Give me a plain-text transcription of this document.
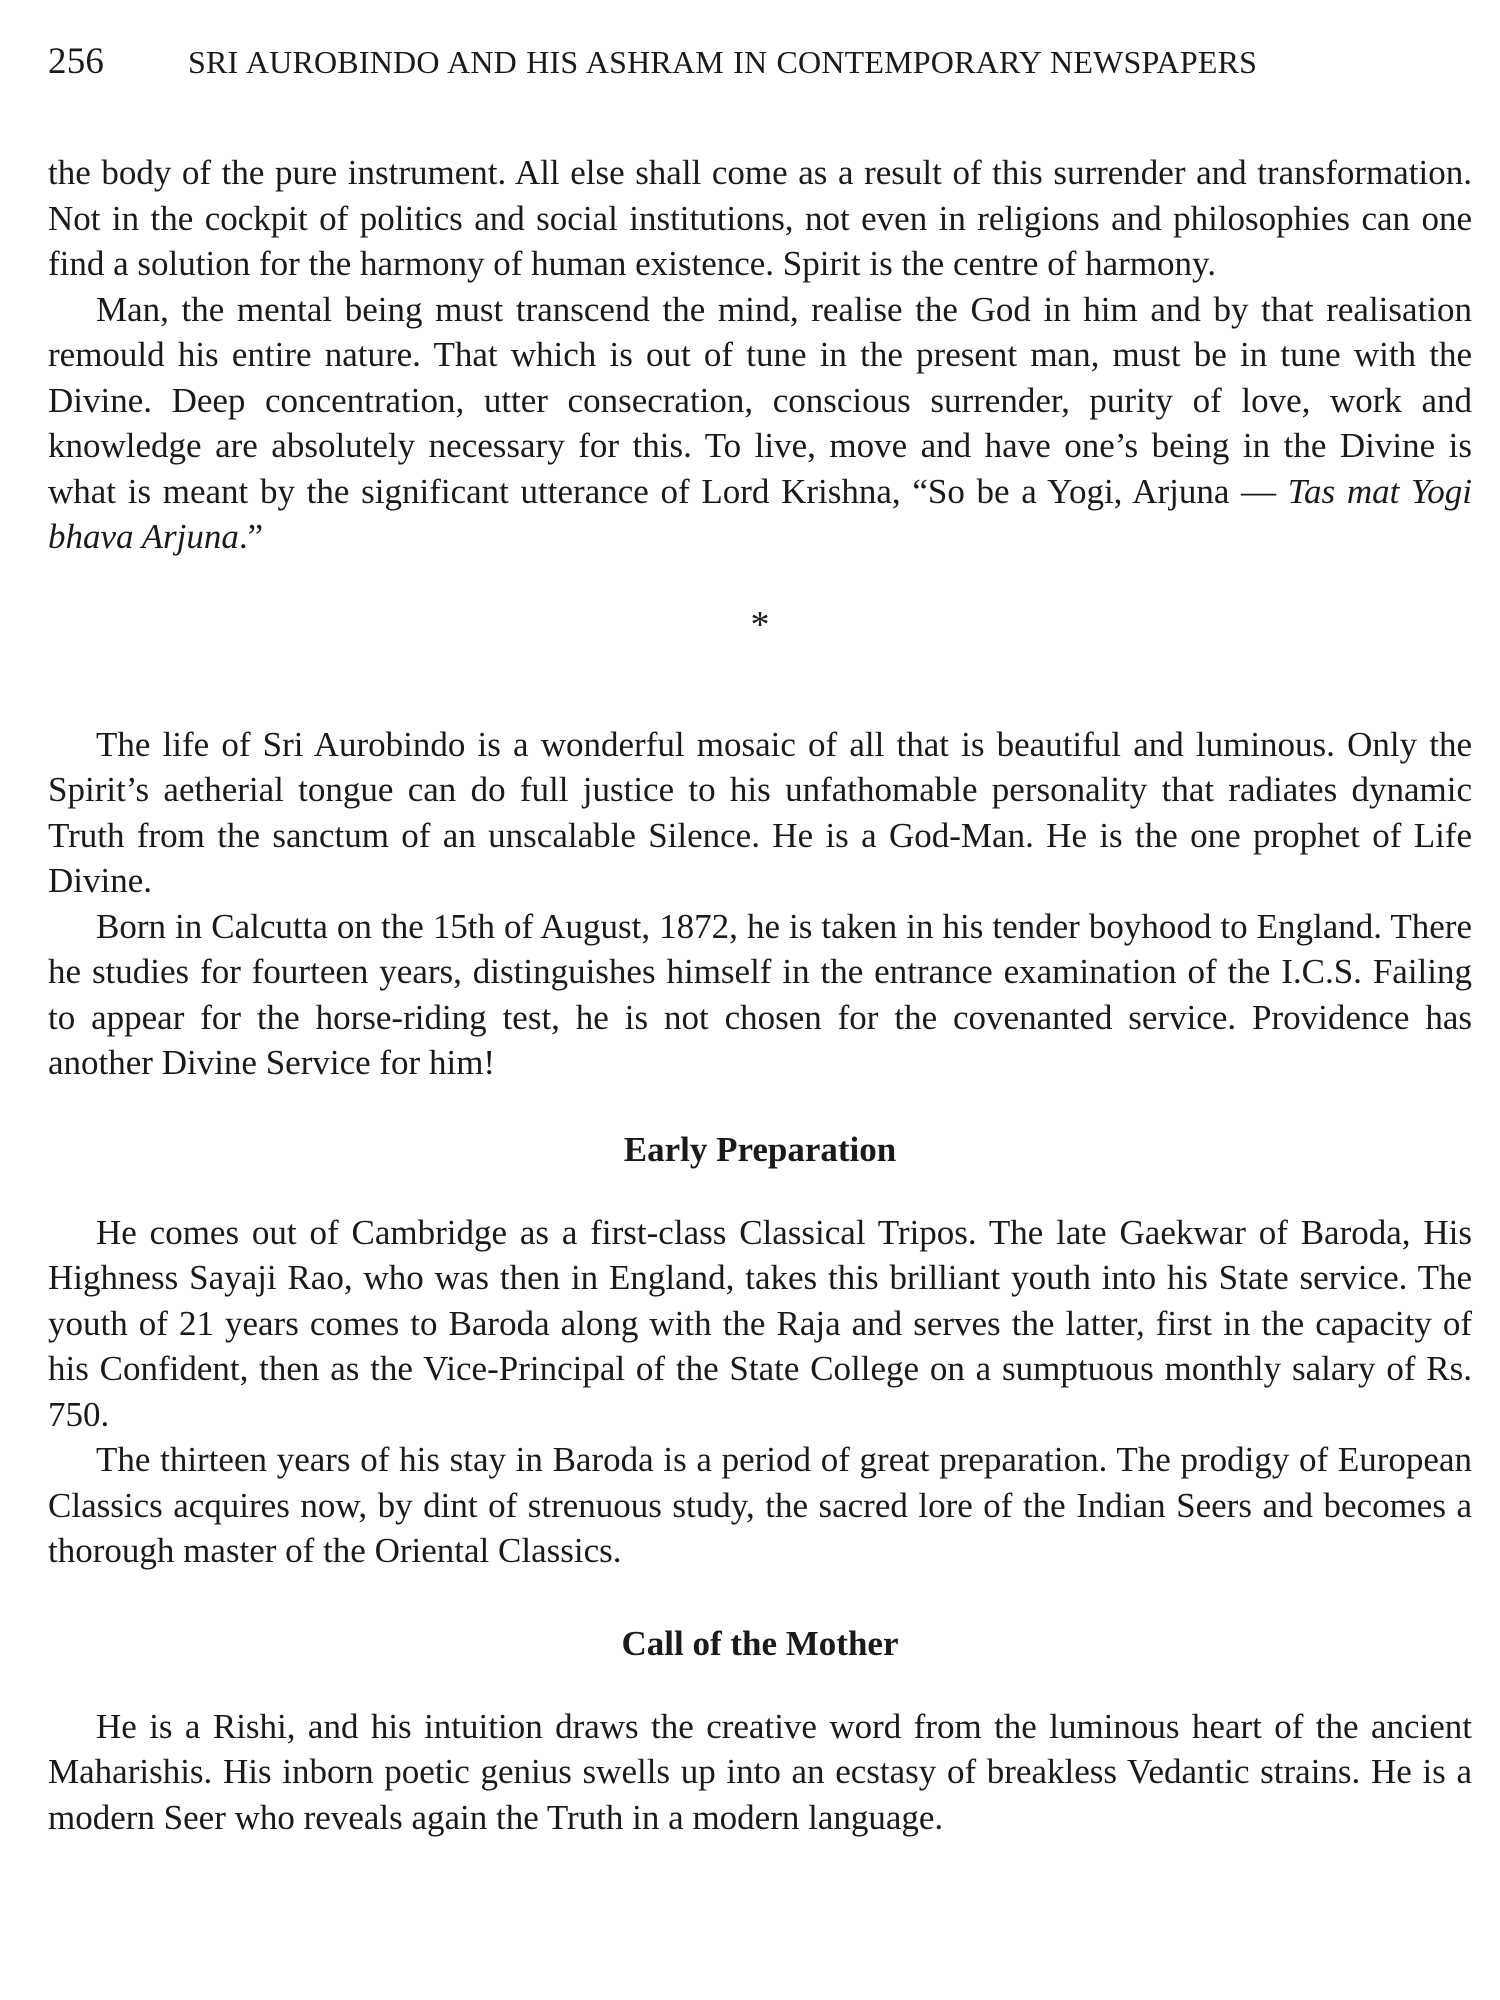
256	SRI AUROBINDO AND HIS ASHRAM IN CONTEMPORARY NEWSPAPERS

the body of the pure instrument. All else shall come as a result of this surrender and transformation. Not in the cockpit of politics and social institutions, not even in religions and philosophies can one find a solution for the harmony of human existence. Spirit is the centre of harmony.

Man, the mental being must transcend the mind, realise the God in him and by that realisation remould his entire nature. That which is out of tune in the present man, must be in tune with the Divine. Deep concentration, utter consecration, conscious surrender, purity of love, work and knowledge are absolutely necessary for this. To live, move and have one’s being in the Divine is what is meant by the significant utterance of Lord Krishna, “So be a Yogi, Arjuna — Tas mat Yogi bhava Arjuna.”

*

The life of Sri Aurobindo is a wonderful mosaic of all that is beautiful and luminous. Only the Spirit’s aetherial tongue can do full justice to his unfathomable personality that radiates dynamic Truth from the sanctum of an unscalable Silence. He is a God-Man. He is the one prophet of Life Divine.

Born in Calcutta on the 15th of August, 1872, he is taken in his tender boyhood to England. There he studies for fourteen years, distinguishes himself in the entrance examination of the I.C.S. Failing to appear for the horse-riding test, he is not chosen for the covenanted service. Providence has another Divine Service for him!

Early Preparation

He comes out of Cambridge as a first-class Classical Tripos. The late Gaekwar of Baroda, His Highness Sayaji Rao, who was then in England, takes this brilliant youth into his State service. The youth of 21 years comes to Baroda along with the Raja and serves the latter, first in the capacity of his Confident, then as the Vice-Principal of the State College on a sumptuous monthly salary of Rs. 750.

The thirteen years of his stay in Baroda is a period of great preparation. The prodigy of European Classics acquires now, by dint of strenuous study, the sacred lore of the Indian Seers and becomes a thorough master of the Oriental Classics.

Call of the Mother

He is a Rishi, and his intuition draws the creative word from the luminous heart of the ancient Maharishis. His inborn poetic genius swells up into an ecstasy of breakless Vedantic strains. He is a modern Seer who reveals again the Truth in a modern language.
